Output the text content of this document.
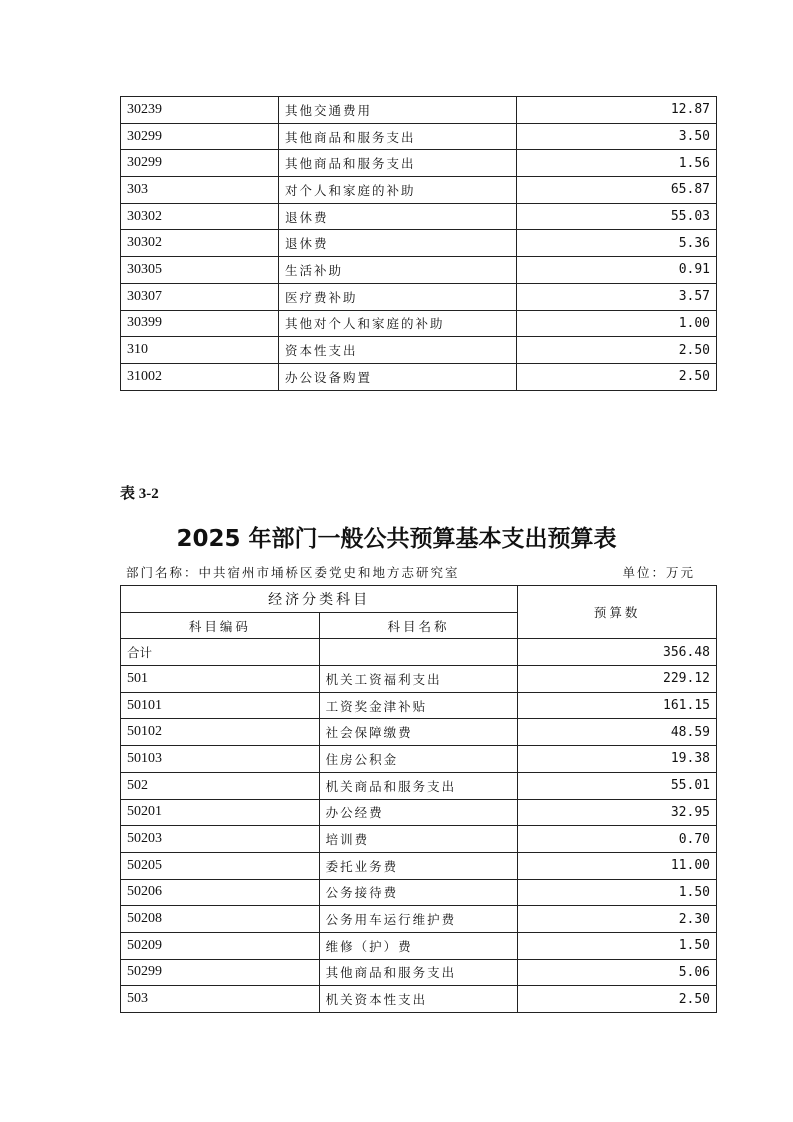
30239	其他交通费用	12.87
30299	其他商品和服务支出	3.50
30299	其他商品和服务支出	1.56
303	对个人和家庭的补助	65.87
30302	退休费	55.03
30302	退休费	5.36
30305	生活补助	0.91
30307	医疗费补助	3.57
30399	其他对个人和家庭的补助	1.00
310	资本性支出	2.50
31002	办公设备购置	2.50
表 3-2
2025 年部门一般公共预算基本支出预算表
部门名称：中共宿州市埇桥区委党史和地方志研究室	单位：万元
经济分类科目		预算数
科目编码	科目名称	
合计		356.48
501	机关工资福利支出	229.12
50101	工资奖金津补贴	161.15
50102	社会保障缴费	48.59
50103	住房公积金	19.38
502	机关商品和服务支出	55.01
50201	办公经费	32.95
50203	培训费	0.70
50205	委托业务费	11.00
50206	公务接待费	1.50
50208	公务用车运行维护费	2.30
50209	维修（护）费	1.50
50299	其他商品和服务支出	5.06
503	机关资本性支出	2.50
